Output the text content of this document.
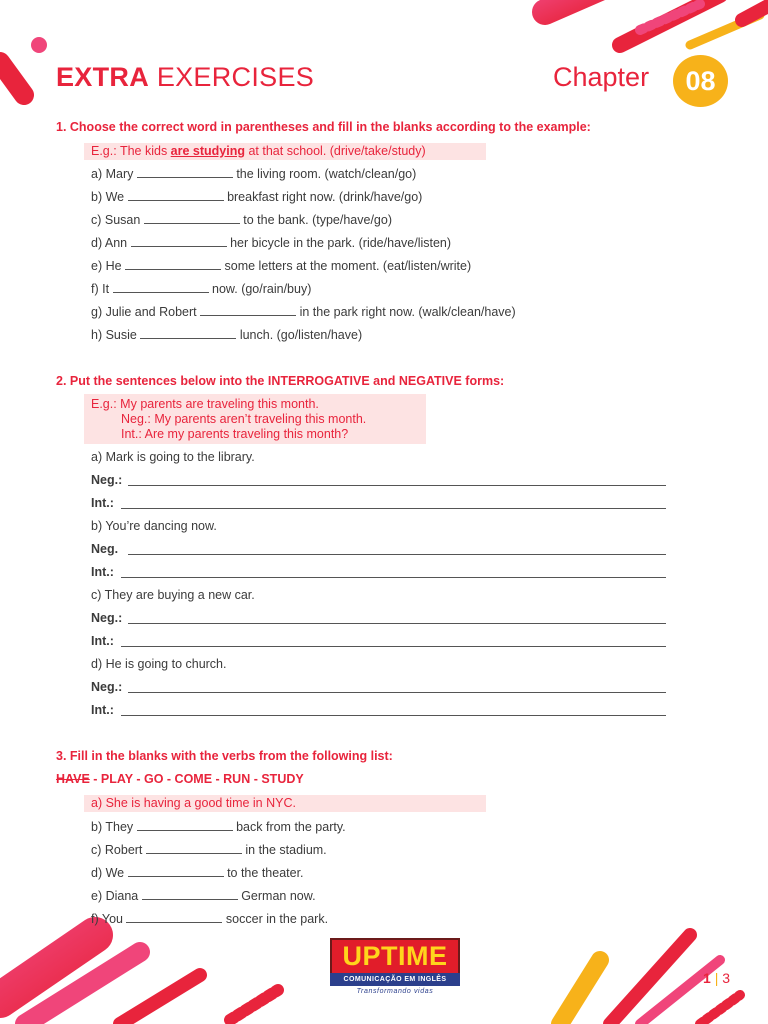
EXTRA EXERCISES	Chapter	08
1. Choose the correct word in parentheses and fill in the blanks according to the example:
E.g.: The kids are studying at that school. (drive/take/study)
a) Mary	the living room. (watch/clean/go)
b) We	breakfast right now. (drink/have/go)
c) Susan	to the bank. (type/have/go)
d) Ann	her bicycle in the park. (ride/have/listen)
e) He	some letters at the moment. (eat/listen/write)
f) It	now. (go/rain/buy)
g) Julie and Robert	in the park right now. (walk/clean/have)
h) Susie	lunch. (go/listen/have)
2. Put the sentences below into the INTERROGATIVE and NEGATIVE forms:
E.g.: My parents are traveling this month.
Neg.: My parents aren’t traveling this month.
Int.: Are my parents traveling this month?
a) Mark is going to the library.
Neg.:
Int.:
b) You’re dancing now.
Neg.
Int.:
c) They are buying a new car.
Neg.:
Int.:
d) He is going to church.
Neg.:
Int.:
3. Fill in the blanks with the verbs from the following list:
HAVE - PLAY - GO - COME - RUN - STUDY
a) She is having a good time in NYC.
b) They	back from the party.
c) Robert	in the stadium.
d) We	to the theater.
e) Diana	German now.
f) You	soccer in the park.
UPTIME
COMUNICAÇÃO EM INGLÊS
Transformando vidas
1 | 3
